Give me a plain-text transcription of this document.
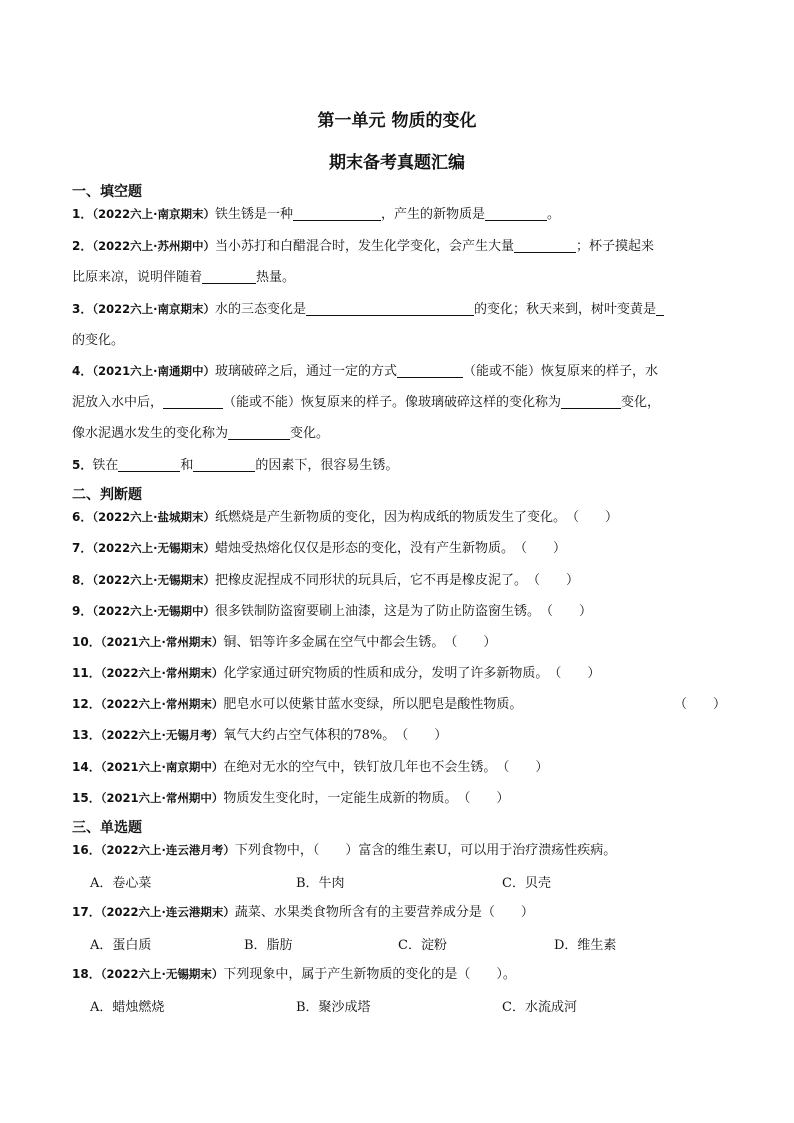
第一单元 物质的变化
期末备考真题汇编
一、填空题
1．（2022六上·南京期末）铁生锈是一种	，产生的新物质是	。
2．（2022六上·苏州期中）当小苏打和白醋混合时，发生化学变化，会产生大量	；杯子摸起来
比原来凉，说明伴随着	热量。
3．（2022六上·南京期末）水的三态变化是	的变化；秋天来到，树叶变黄是
的变化。
4．（2021六上·南通期中）玻璃破碎之后，通过一定的方式	（能或不能）恢复原来的样子，水
泥放入水中后，	（能或不能）恢复原来的样子。像玻璃破碎这样的变化称为	变化，
像水泥遇水发生的变化称为	变化。
5．铁在	和	的因素下，很容易生锈。
二、判断题
6．（2022六上·盐城期末）纸燃烧是产生新物质的变化，因为构成纸的物质发生了变化。（　　）
7．（2022六上·无锡期末）蜡烛受热熔化仅仅是形态的变化，没有产生新物质。（　　）
8．（2022六上·无锡期末）把橡皮泥捏成不同形状的玩具后，它不再是橡皮泥了。（　　）
9．（2022六上·无锡期中）很多铁制防盗窗要刷上油漆，这是为了防止防盗窗生锈。（　　）
10．（2021六上·常州期末）铜、铝等许多金属在空气中都会生锈。（　　）
11．（2022六上·常州期末）化学家通过研究物质的性质和成分，发明了许多新物质。（　　）
12．（2022六上·常州期末）肥皂水可以使紫甘蓝水变绿，所以肥皂是酸性物质。	（　　）
13．（2022六上·无锡月考）氧气大约占空气体积的78%。（　　）
14．（2021六上·南京期中）在绝对无水的空气中，铁钉放几年也不会生锈。（　　）
15．（2021六上·常州期中）物质发生变化时，一定能生成新的物质。（　　）
三、单选题
16．（2022六上·连云港月考）下列食物中，（　　）富含的维生素U，可以用于治疗溃疡性疾病。
A．卷心菜	B．牛肉	C．贝壳
17．（2022六上·连云港期末）蔬菜、水果类食物所含有的主要营养成分是（　　）
A．蛋白质	B．脂肪	C．淀粉	D．维生素
18．（2022六上·无锡期末）下列现象中，属于产生新物质的变化的是（　　）。
A．蜡烛燃烧	B．聚沙成塔	C．水流成河
